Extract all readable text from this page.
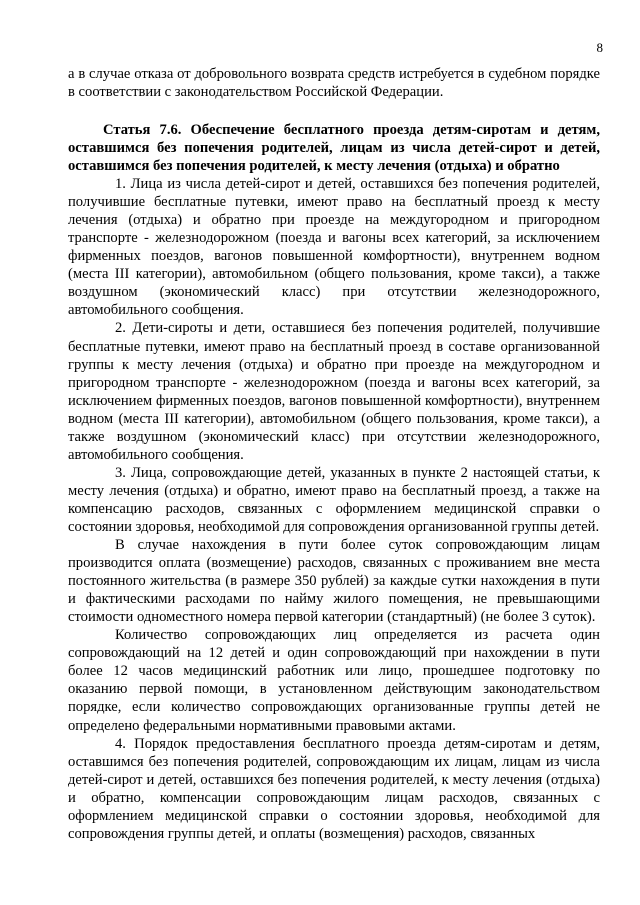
8

а в случае отказа от добровольного возврата средств истребуется в судебном порядке в соответствии с законодательством Российской Федерации.

Статья 7.6. Обеспечение бесплатного проезда детям-сиротам и детям, оставшимся без попечения родителей, лицам из числа детей-сирот и детей, оставшимся без попечения родителей, к месту лечения (отдыха) и обратно

1. Лица из числа детей-сирот и детей, оставшихся без попечения родителей, получившие бесплатные путевки, имеют право на бесплатный проезд к месту лечения (отдыха) и обратно при проезде на междугородном и пригородном транспорте - железнодорожном (поезда и вагоны всех категорий, за исключением фирменных поездов, вагонов повышенной комфортности), внутреннем водном (места III категории), автомобильном (общего пользования, кроме такси), а также воздушном (экономический класс) при отсутствии железнодорожного, автомобильного сообщения.

2. Дети-сироты и дети, оставшиеся без попечения родителей, получившие бесплатные путевки, имеют право на бесплатный проезд в составе организованной группы к месту лечения (отдыха) и обратно при проезде на междугородном и пригородном транспорте - железнодорожном (поезда и вагоны всех категорий, за исключением фирменных поездов, вагонов повышенной комфортности), внутреннем водном (места III категории), автомобильном (общего пользования, кроме такси), а также воздушном (экономический класс) при отсутствии железнодорожного, автомобильного сообщения.

3. Лица, сопровождающие детей, указанных в пункте 2 настоящей статьи, к месту лечения (отдыха) и обратно, имеют право на бесплатный проезд, а также на компенсацию расходов, связанных с оформлением медицинской справки о состоянии здоровья, необходимой для сопровождения организованной группы детей.

В случае нахождения в пути более суток сопровождающим лицам производится оплата (возмещение) расходов, связанных с проживанием вне места постоянного жительства (в размере 350 рублей) за каждые сутки нахождения в пути и фактическими расходами по найму жилого помещения, не превышающими стоимости одноместного номера первой категории (стандартный) (не более 3 суток).

Количество сопровождающих лиц определяется из расчета один сопровождающий на 12 детей и один сопровождающий при нахождении в пути более 12 часов медицинский работник или лицо, прошедшее подготовку по оказанию первой помощи, в установленном действующим законодательством порядке, если количество сопровождающих организованные группы детей не определено федеральными нормативными правовыми актами.

4. Порядок предоставления бесплатного проезда детям-сиротам и детям, оставшимся без попечения родителей, сопровождающим их лицам, лицам из числа детей-сирот и детей, оставшихся без попечения родителей, к месту лечения (отдыха) и обратно, компенсации сопровождающим лицам расходов, связанных с оформлением медицинской справки о состоянии здоровья, необходимой для сопровождения группы детей, и оплаты (возмещения) расходов, связанных
